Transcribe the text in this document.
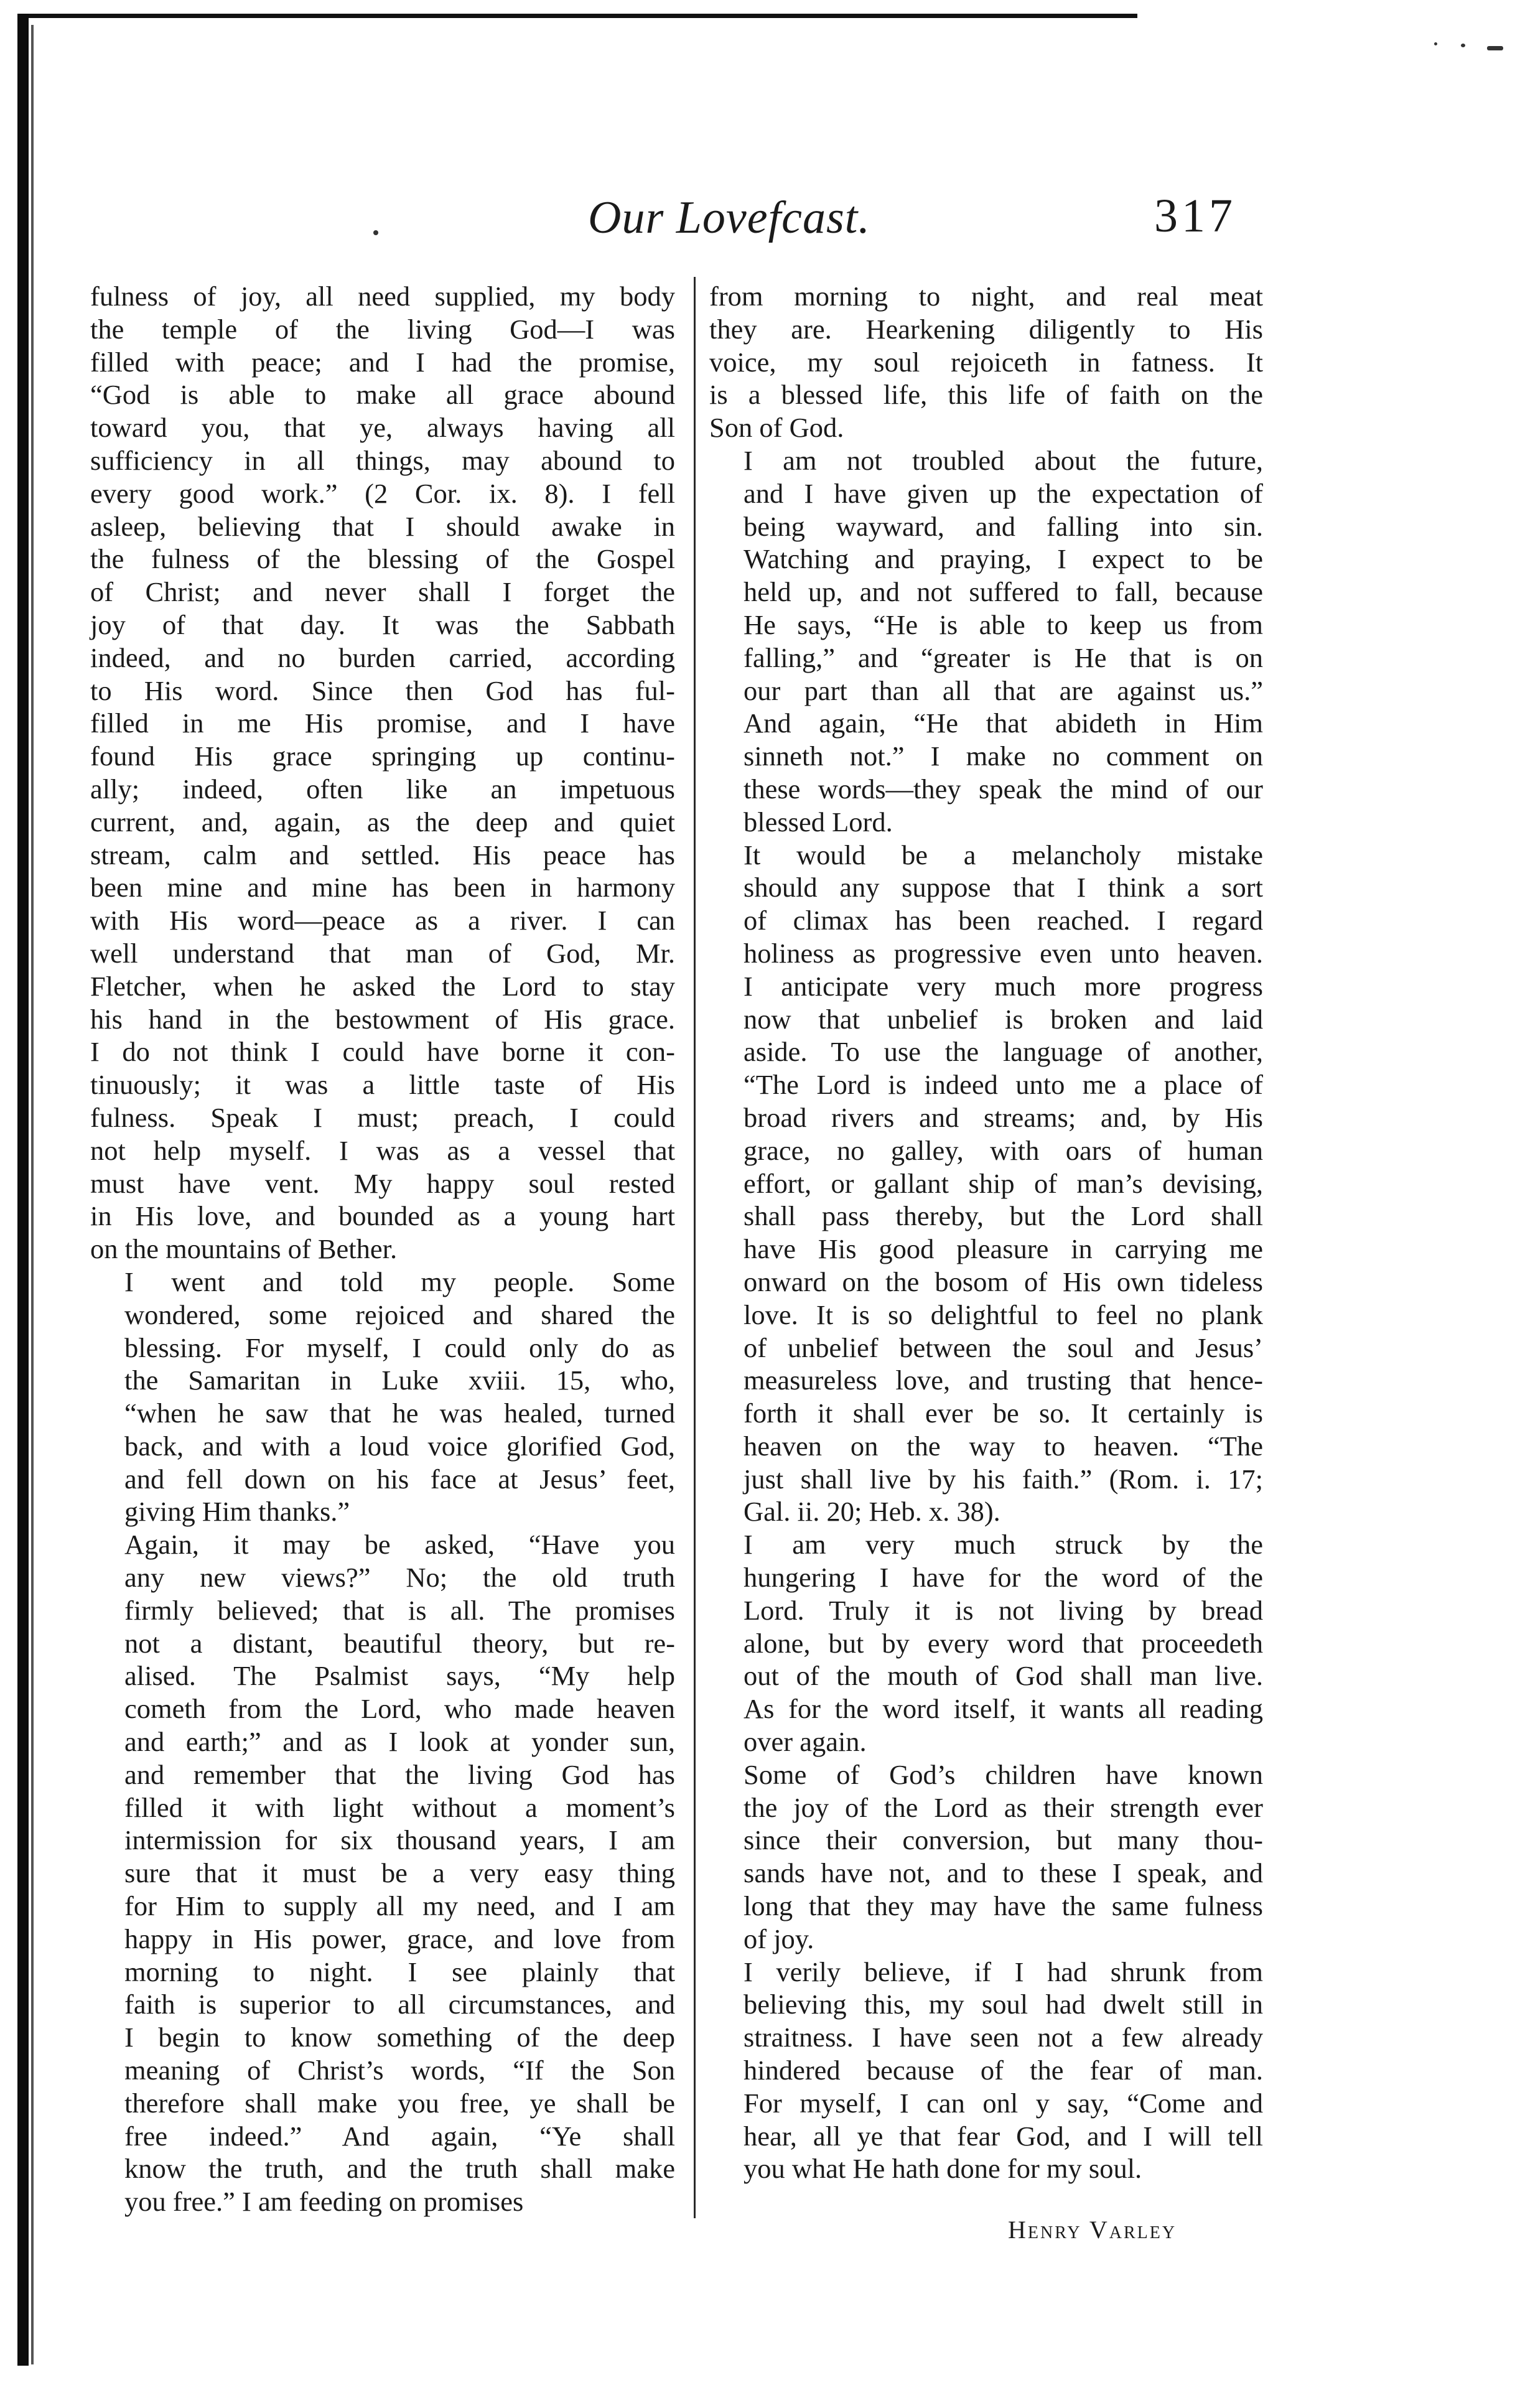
Our Lovefcast.	317

fulness of joy, all need supplied, my body
the temple of the living God—I was
filled with peace; and I had the promise,
“God is able to make all grace abound
toward you, that ye, always having all
sufficiency in all things, may abound to
every good work.” (2 Cor. ix. 8). I fell
asleep, believing that I should awake in
the fulness of the blessing of the Gospel
of Christ; and never shall I forget the
joy of that day. It was the Sabbath
indeed, and no burden carried, according
to His word. Since then God has ful-
filled in me His promise, and I have
found His grace springing up continu-
ally; indeed, often like an impetuous
current, and, again, as the deep and quiet
stream, calm and settled. His peace has
been mine and mine has been in harmony
with His word—peace as a river. I can
well understand that man of God, Mr.
Fletcher, when he asked the Lord to stay
his hand in the bestowment of His grace.
I do not think I could have borne it con-
tinuously; it was a little taste of His
fulness. Speak I must; preach, I could
not help myself. I was as a vessel that
must have vent. My happy soul rested
in His love, and bounded as a young hart
on the mountains of Bether.

I went and told my people. Some
wondered, some rejoiced and shared the
blessing. For myself, I could only do as
the Samaritan in Luke xviii. 15, who,
“when he saw that he was healed, turned
back, and with a loud voice glorified God,
and fell down on his face at Jesus’ feet,
giving Him thanks.”

Again, it may be asked, “Have you
any new views?” No; the old truth
firmly believed; that is all. The promises
not a distant, beautiful theory, but re-
alised. The Psalmist says, “My help
cometh from the Lord, who made heaven
and earth;” and as I look at yonder sun,
and remember that the living God has
filled it with light without a moment’s
intermission for six thousand years, I am
sure that it must be a very easy thing
for Him to supply all my need, and I am
happy in His power, grace, and love from
morning to night. I see plainly that
faith is superior to all circumstances, and
I begin to know something of the deep
meaning of Christ’s words, “If the Son
therefore shall make you free, ye shall be
free indeed.” And again, “Ye shall
know the truth, and the truth shall make
you free.” I am feeding on promises

from morning to night, and real meat
they are. Hearkening diligently to His
voice, my soul rejoiceth in fatness. It
is a blessed life, this life of faith on the
Son of God.

I am not troubled about the future,
and I have given up the expectation of
being wayward, and falling into sin.
Watching and praying, I expect to be
held up, and not suffered to fall, because
He says, “He is able to keep us from
falling,” and “greater is He that is on
our part than all that are against us.”
And again, “He that abideth in Him
sinneth not.” I make no comment on
these words—they speak the mind of our
blessed Lord.

It would be a melancholy mistake
should any suppose that I think a sort
of climax has been reached. I regard
holiness as progressive even unto heaven.
I anticipate very much more progress
now that unbelief is broken and laid
aside. To use the language of another,
“The Lord is indeed unto me a place of
broad rivers and streams; and, by His
grace, no galley, with oars of human
effort, or gallant ship of man’s devising,
shall pass thereby, but the Lord shall
have His good pleasure in carrying me
onward on the bosom of His own tideless
love. It is so delightful to feel no plank
of unbelief between the soul and Jesus’
measureless love, and trusting that hence-
forth it shall ever be so. It certainly is
heaven on the way to heaven. “The
just shall live by his faith.” (Rom. i. 17;
Gal. ii. 20; Heb. x. 38).

I am very much struck by the
hungering I have for the word of the
Lord. Truly it is not living by bread
alone, but by every word that proceedeth
out of the mouth of God shall man live.
As for the word itself, it wants all reading
over again.

Some of God’s children have known
the joy of the Lord as their strength ever
since their conversion, but many thou-
sands have not, and to these I speak, and
long that they may have the same fulness
of joy.

I verily believe, if I had shrunk from
believing this, my soul had dwelt still in
straitness. I have seen not a few already
hindered because of the fear of man.
For myself, I can onl y say, “Come and
hear, all ye that fear God, and I will tell
you what He hath done for my soul.

Henry Varley
